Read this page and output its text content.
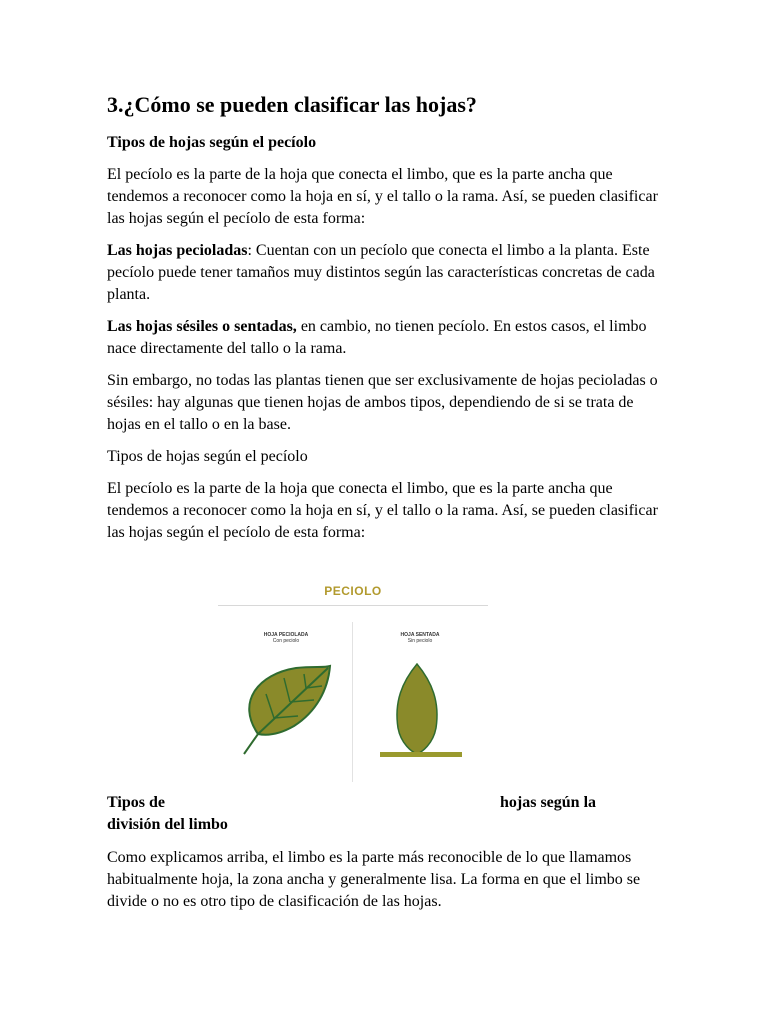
3.¿Cómo se pueden clasificar las hojas?
Tipos de hojas según el pecíolo

El pecíolo es la parte de la hoja que conecta el limbo, que es la parte ancha que tendemos a reconocer como la hoja en sí, y el tallo o la rama. Así, se pueden clasificar las hojas según el pecíolo de esta forma:

Las hojas pecioladas: Cuentan con un pecíolo que conecta el limbo a la planta. Este pecíolo puede tener tamaños muy distintos según las características concretas de cada planta.

Las hojas sésiles o sentadas, en cambio, no tienen pecíolo. En estos casos, el limbo nace directamente del tallo o la rama.

Sin embargo, no todas las plantas tienen que ser exclusivamente de hojas pecioladas o sésiles: hay algunas que tienen hojas de ambos tipos, dependiendo de si se trata de hojas en el tallo o en la base.

Tipos de hojas según el pecíolo

El pecíolo es la parte de la hoja que conecta el limbo, que es la parte ancha que tendemos a reconocer como la hoja en sí, y el tallo o la rama. Así, se pueden clasificar las hojas según el pecíolo de esta forma:

PECIOLO
HOJA PECIOLADA
Con peciolo
HOJA SENTADA
Sin peciolo
Tipos de	hojas según la
división del limbo

Como explicamos arriba, el limbo es la parte más reconocible de lo que llamamos habitualmente hoja, la zona ancha y generalmente lisa. La forma en que el limbo se divide o no es otro tipo de clasificación de las hojas.
